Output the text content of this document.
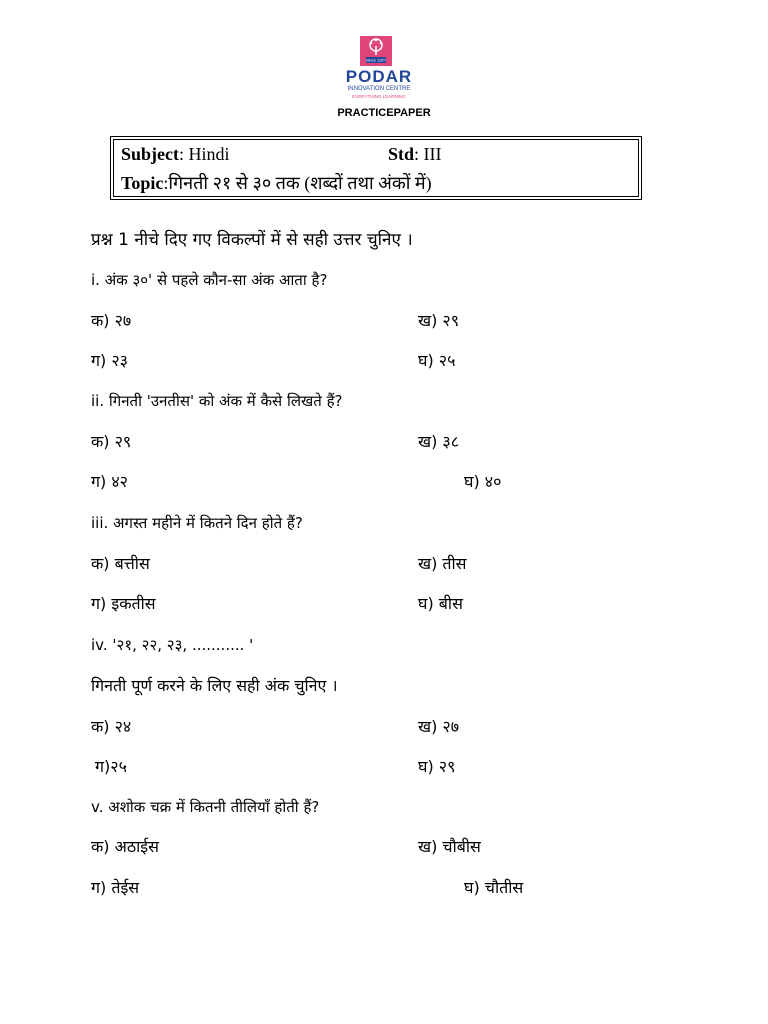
Since 1927
PODAR
INNOVATION CENTRE
EVERYTHING LEARNING
PRACTICEPAPER
Subject: Hindi	Std: III
Topic:गिनती २१ से ३० तक (शब्दों तथा अंकों में)
प्रश्न 1 नीचे दिए गए विकल्पों में से सही उत्तर चुनिए ।
i. अंक ३०' से पहले कौन-सा अंक आता है?
क) २७	ख) २९
ग) २३	घ) २५
ii. गिनती 'उनतीस' को अंक में कैसे लिखते हैं?
क) २९	ख) ३८
ग) ४२	घ) ४०
iii. अगस्त महीने में कितने दिन होते हैं?
क) बत्तीस	ख) तीस
ग) इकतीस	घ) बीस
iv. '२१, २२, २३, ........... '
गिनती पूर्ण करने के लिए सही अंक चुनिए ।
क) २४	ख) २७
ग)२५	घ) २९
v. अशोक चक्र में कितनी तीलियाँ होती हैं?
क) अठाईस	ख) चौबीस
ग) तेईस	घ) चौतीस
